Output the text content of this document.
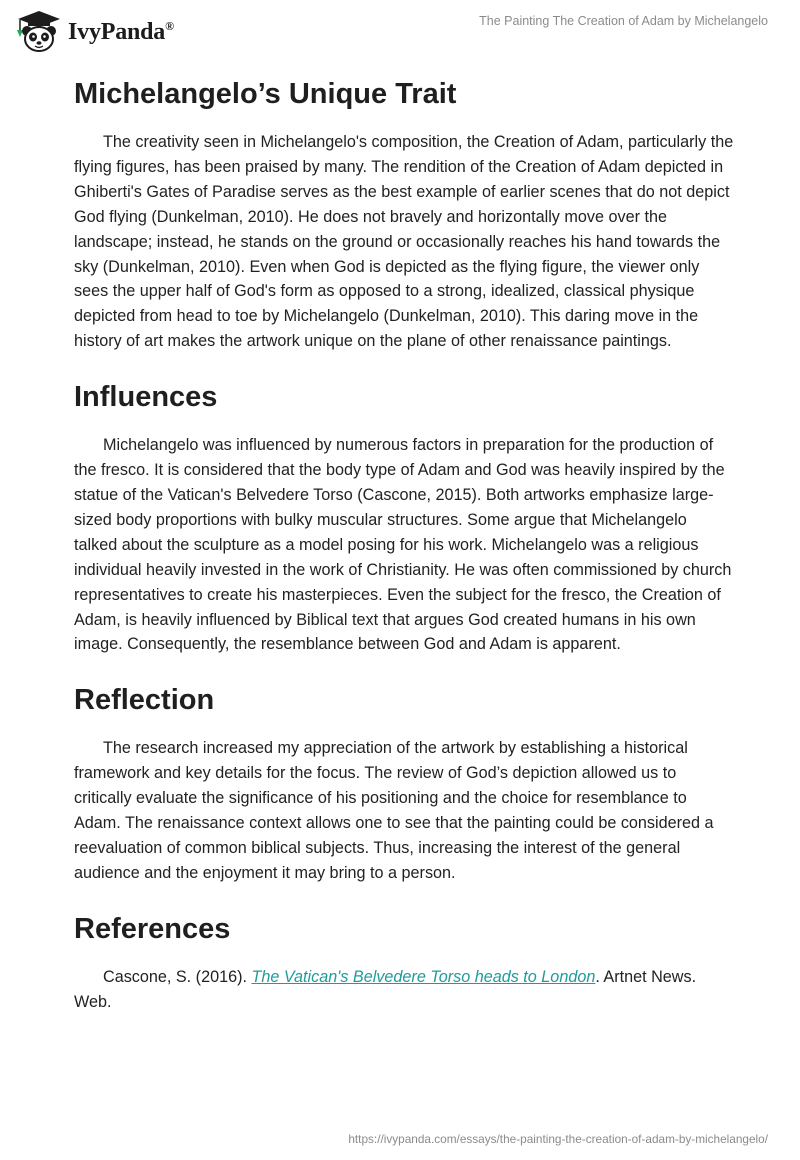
IvyPanda®	The Painting The Creation of Adam by Michelangelo
Michelangelo’s Unique Trait

The creativity seen in Michelangelo's composition, the Creation of Adam, particularly the flying figures, has been praised by many. The rendition of the Creation of Adam depicted in Ghiberti's Gates of Paradise serves as the best example of earlier scenes that do not depict God flying (Dunkelman, 2010). He does not bravely and horizontally move over the landscape; instead, he stands on the ground or occasionally reaches his hand towards the sky (Dunkelman, 2010). Even when God is depicted as the flying figure, the viewer only sees the upper half of God's form as opposed to a strong, idealized, classical physique depicted from head to toe by Michelangelo (Dunkelman, 2010). This daring move in the history of art makes the artwork unique on the plane of other renaissance paintings.

Influences

Michelangelo was influenced by numerous factors in preparation for the production of the fresco. It is considered that the body type of Adam and God was heavily inspired by the statue of the Vatican's Belvedere Torso (Cascone, 2015). Both artworks emphasize large-sized body proportions with bulky muscular structures. Some argue that Michelangelo talked about the sculpture as a model posing for his work. Michelangelo was a religious individual heavily invested in the work of Christianity. He was often commissioned by church representatives to create his masterpieces. Even the subject for the fresco, the Creation of Adam, is heavily influenced by Biblical text that argues God created humans in his own image. Consequently, the resemblance between God and Adam is apparent.

Reflection

The research increased my appreciation of the artwork by establishing a historical framework and key details for the focus. The review of God’s depiction allowed us to critically evaluate the significance of his positioning and the choice for resemblance to Adam. The renaissance context allows one to see that the painting could be considered a reevaluation of common biblical subjects. Thus, increasing the interest of the general audience and the enjoyment it may bring to a person.

References

Cascone, S. (2016). The Vatican's Belvedere Torso heads to London. Artnet News. Web.

https://ivypanda.com/essays/the-painting-the-creation-of-adam-by-michelangelo/
